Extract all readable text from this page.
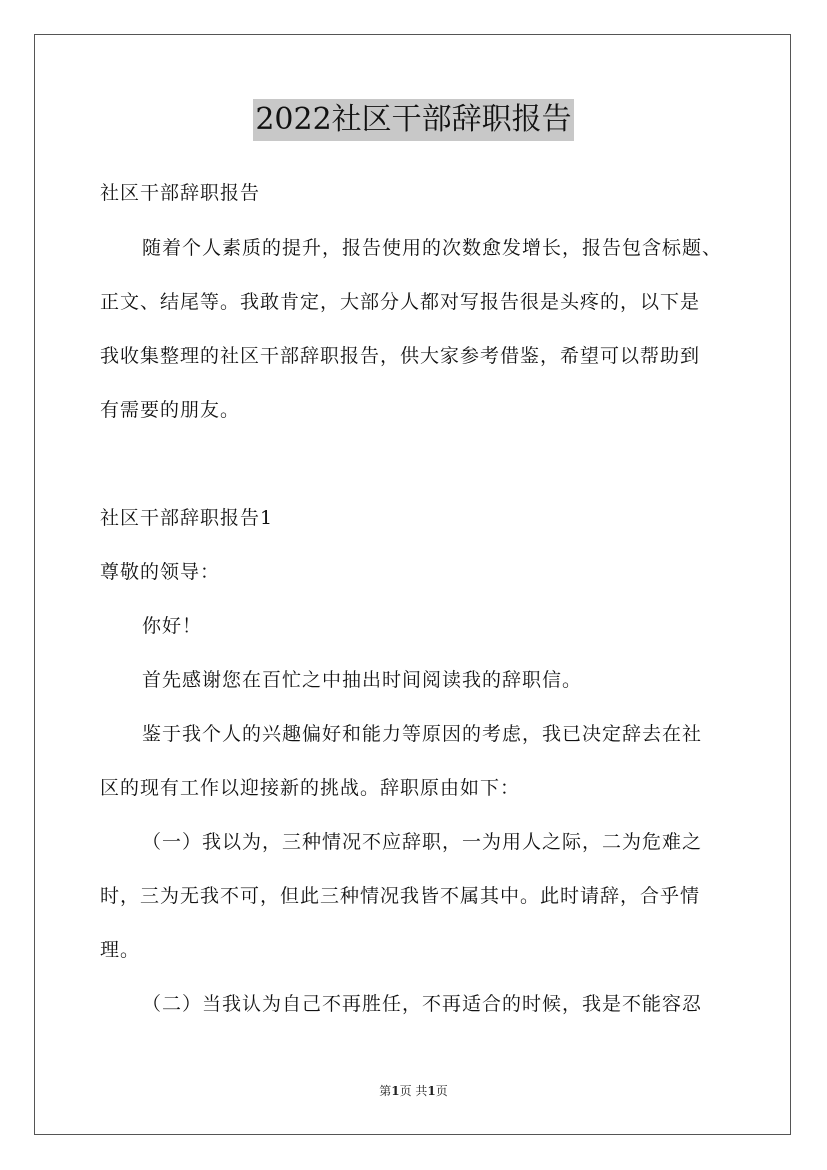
2022社区干部辞职报告
社区干部辞职报告
随着个人素质的提升，报告使用的次数愈发增长，报告包含标题、
正文、结尾等。我敢肯定，大部分人都对写报告很是头疼的，以下是
我收集整理的社区干部辞职报告，供大家参考借鉴，希望可以帮助到
有需要的朋友。
社区干部辞职报告1
尊敬的领导：
你好！
首先感谢您在百忙之中抽出时间阅读我的辞职信。
鉴于我个人的兴趣偏好和能力等原因的考虑，我已决定辞去在社
区的现有工作以迎接新的挑战。辞职原由如下：
（一）我以为，三种情况不应辞职，一为用人之际，二为危难之
时，三为无我不可，但此三种情况我皆不属其中。此时请辞，合乎情
理。
（二）当我认为自己不再胜任，不再适合的时候，我是不能容忍
第1页 共1页
